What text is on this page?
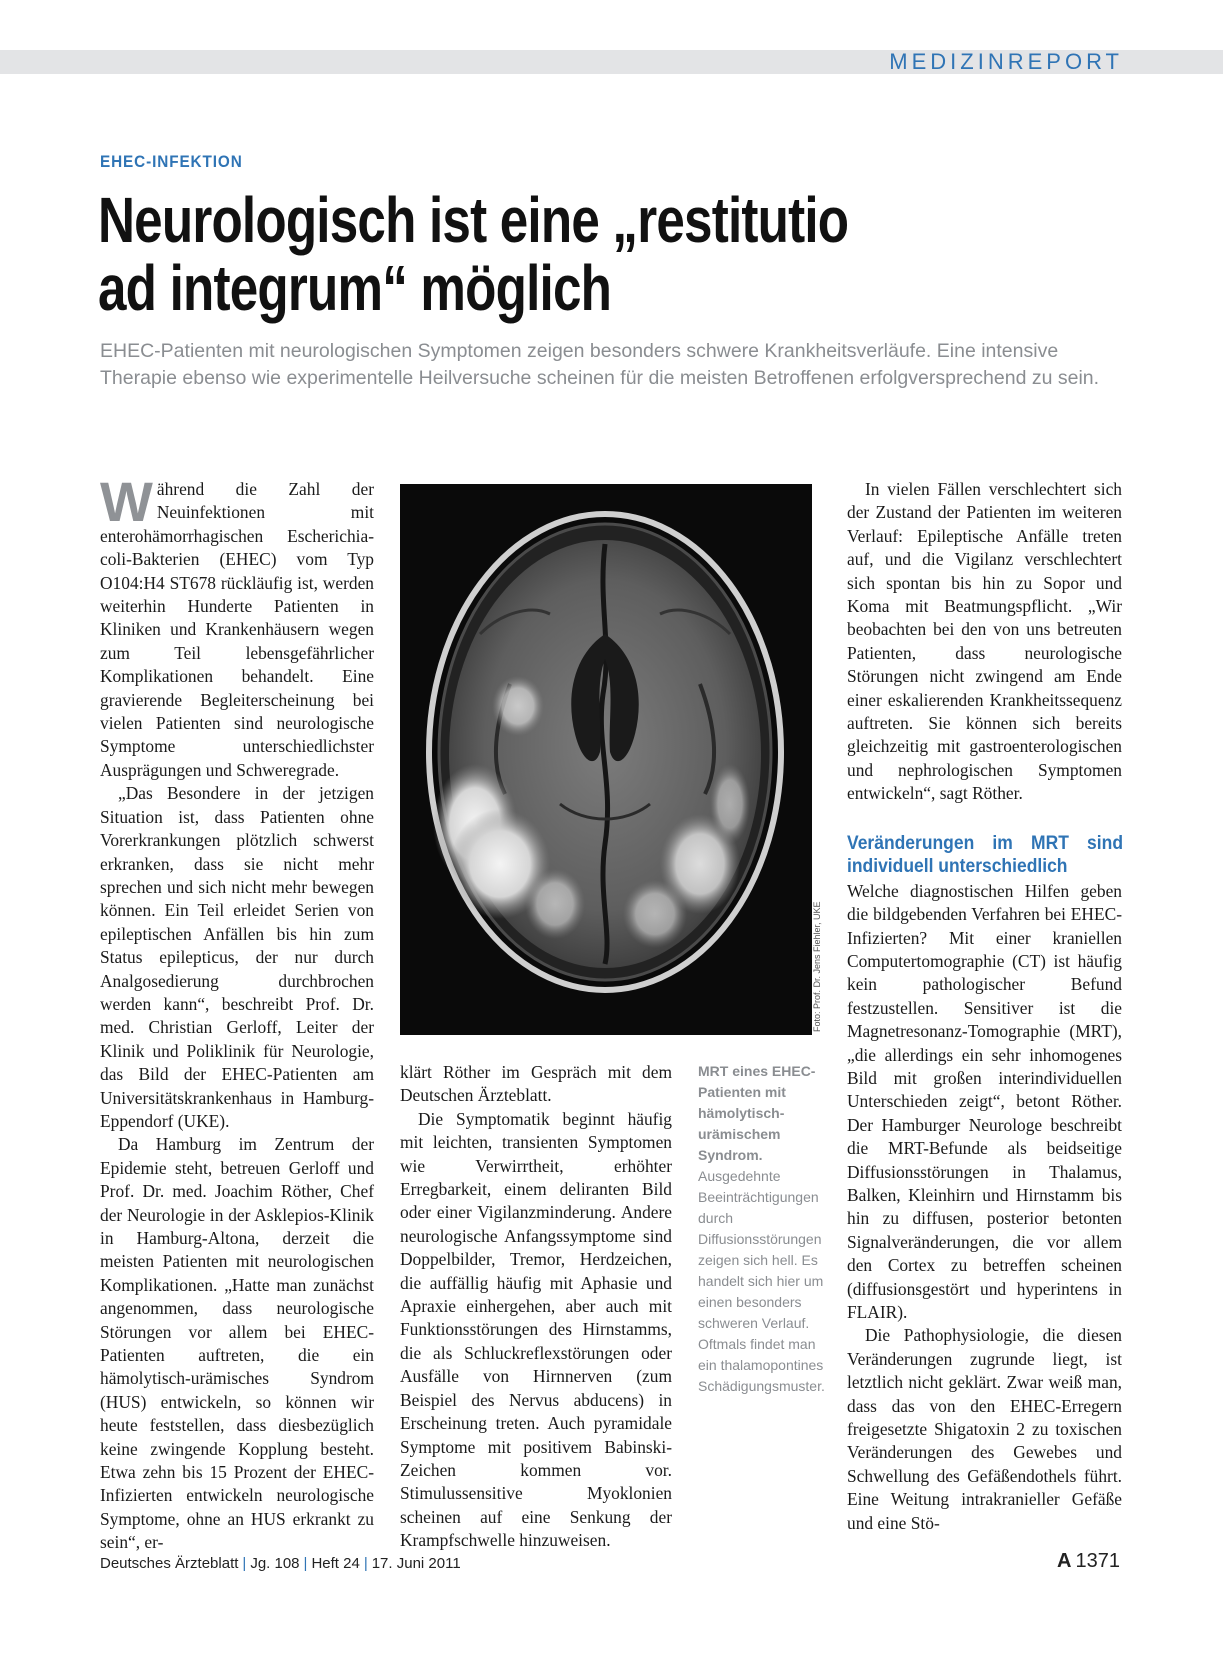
MEDIZINREPORT
EHEC-INFEKTION
Neurologisch ist eine „restitutio
ad integrum“ möglich
EHEC-Patienten mit neurologischen Symptomen zeigen besonders schwere Krankheitsverläufe. Eine intensive Therapie ebenso wie experimentelle Heilversuche scheinen für die meisten Betroffenen erfolgversprechend zu sein.

Während die Zahl der Neuinfektionen mit enterohämorrhagischen Escherichia-coli-Bakterien (EHEC) vom Typ O104:H4 ST678 rückläufig ist, werden weiterhin Hunderte Patienten in Kliniken und Krankenhäusern wegen zum Teil lebensgefährlicher Komplikationen behandelt. Eine gravierende Begleiterscheinung bei vielen Patienten sind neurologische Symptome unterschiedlichster Ausprägungen und Schweregrade.

„Das Besondere in der jetzigen Situation ist, dass Patienten ohne Vorerkrankungen plötzlich schwerst erkranken, dass sie nicht mehr sprechen und sich nicht mehr bewegen können. Ein Teil erleidet Serien von epileptischen Anfällen bis hin zum Status epilepticus, der nur durch Analgosedierung durchbrochen werden kann“, beschreibt Prof. Dr. med. Christian Gerloff, Leiter der Klinik und Poliklinik für Neurologie, das Bild der EHEC-Patienten am Universitätskrankenhaus in Hamburg-Eppendorf (UKE).

Da Hamburg im Zentrum der Epidemie steht, betreuen Gerloff und Prof. Dr. med. Joachim Röther, Chef der Neurologie in der Asklepios-Klinik in Hamburg-Altona, derzeit die meisten Patienten mit neurologischen Komplikationen. „Hatte man zunächst angenommen, dass neurologische Störungen vor allem bei EHEC-Patienten auftreten, die ein hämolytisch-urämisches Syndrom (HUS) entwickeln, so können wir heute feststellen, dass diesbezüglich keine zwingende Kopplung besteht. Etwa zehn bis 15 Prozent der EHEC-Infizierten entwickeln neurologische Symptome, ohne an HUS erkrankt zu sein“, er-

Foto: Prof. Dr. Jens Fiehler, UKE

klärt Röther im Gespräch mit dem Deutschen Ärzteblatt.

Die Symptomatik beginnt häufig mit leichten, transienten Symptomen wie Verwirrtheit, erhöhter Erregbarkeit, einem deliranten Bild oder einer Vigilanzminderung. Andere neurologische Anfangssymptome sind Doppelbilder, Tremor, Herdzeichen, die auffällig häufig mit Aphasie und Apraxie einhergehen, aber auch mit Funktionsstörungen des Hirnstamms, die als Schluckreflexstörungen oder Ausfälle von Hirnnerven (zum Beispiel des Nervus abducens) in Erscheinung treten. Auch pyramidale Symptome mit positivem Babinski-Zeichen kommen vor. Stimulussensitive Myoklonien scheinen auf eine Senkung der Krampfschwelle hinzuweisen.

MRT eines EHEC-Patienten mit hämolytisch-urämischem Syndrom.
Ausgedehnte Beeinträchtigungen durch Diffusionsstörungen zeigen sich hell. Es handelt sich hier um einen besonders schweren Verlauf. Oftmals findet man ein thalamopontines Schädigungsmuster.

In vielen Fällen verschlechtert sich der Zustand der Patienten im weiteren Verlauf: Epileptische Anfälle treten auf, und die Vigilanz verschlechtert sich spontan bis hin zu Sopor und Koma mit Beatmungspflicht. „Wir beobachten bei den von uns betreuten Patienten, dass neurologische Störungen nicht zwingend am Ende einer eskalierenden Krankheitssequenz auftreten. Sie können sich bereits gleichzeitig mit gastroenterologischen und nephrologischen Symptomen entwickeln“, sagt Röther.

Veränderungen im MRT sind individuell unterschiedlich

Welche diagnostischen Hilfen geben die bildgebenden Verfahren bei EHEC-Infizierten? Mit einer kraniellen Computertomographie (CT) ist häufig kein pathologischer Befund festzustellen. Sensitiver ist die Magnetresonanz-Tomographie (MRT), „die allerdings ein sehr inhomogenes Bild mit großen interindividuellen Unterschieden zeigt“, betont Röther. Der Hamburger Neurologe beschreibt die MRT-Befunde als beidseitige Diffusionsstörungen in Thalamus, Balken, Kleinhirn und Hirnstamm bis hin zu diffusen, posterior betonten Signalveränderungen, die vor allem den Cortex zu betreffen scheinen (diffusionsgestört und hyperintens in FLAIR).

Die Pathophysiologie, die diesen Veränderungen zugrunde liegt, ist letztlich nicht geklärt. Zwar weiß man, dass das von den EHEC-Erregern freigesetzte Shigatoxin 2 zu toxischen Veränderungen des Gewebes und Schwellung des Gefäßendothels führt. Eine Weitung intrakranieller Gefäße und eine Stö-

Deutsches Ärzteblatt | Jg. 108 | Heft 24 | 17. Juni 2011	A 1371
